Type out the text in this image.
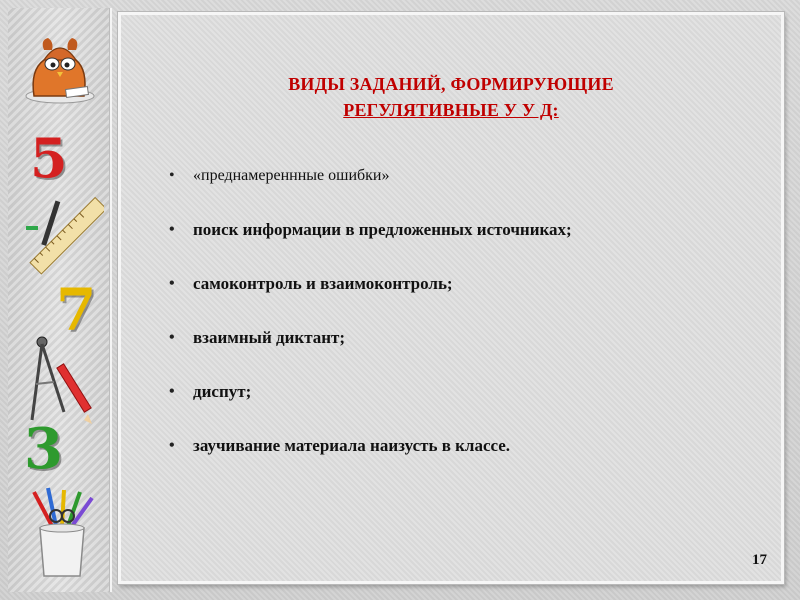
5
7
3
ВИДЫ ЗАДАНИЙ, ФОРМИРУЮЩИЕ
РЕГУЛЯТИВНЫЕ У У Д:
• «преднамереннные ошибки»
• поиск информации в предложенных источниках;
• самоконтроль и взаимоконтроль;
• взаимный диктант;
• диспут;
• заучивание материала наизусть в классе.
17
